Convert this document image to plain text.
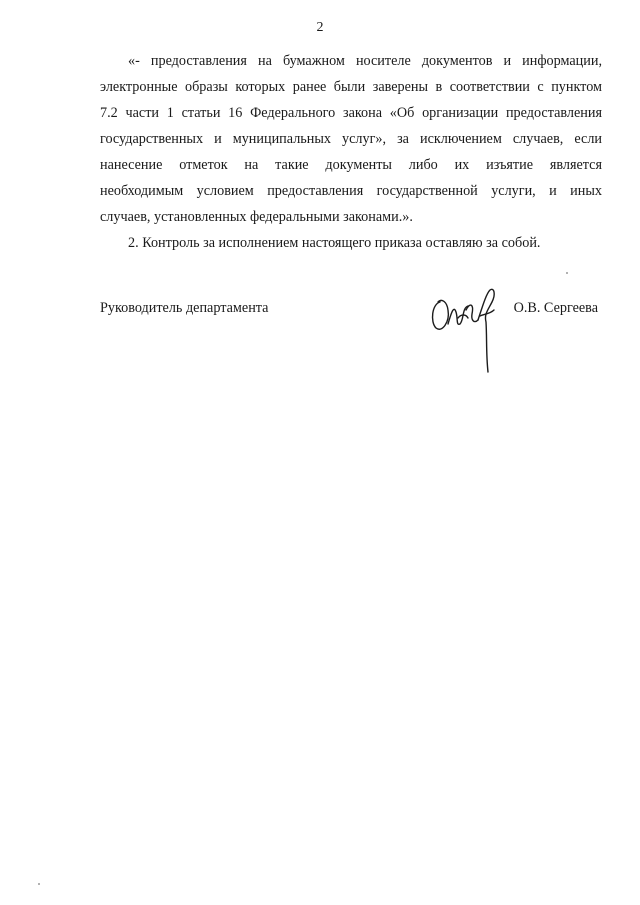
2

«- предоставления на бумажном носителе документов и информации,

электронные образы которых ранее были заверены в соответствии с пунктом
7.2 части 1 статьи 16 Федерального закона «Об организации предоставления
государственных и муниципальных услуг», за исключением случаев, если
нанесение отметок на такие документы либо их изъятие является
необходимым условием предоставления государственной услуги, и иных
случаев, установленных федеральными законами.».

2. Контроль за исполнением настоящего приказа оставляю за собой.

Руководитель департамента	О.В. Сергеева
